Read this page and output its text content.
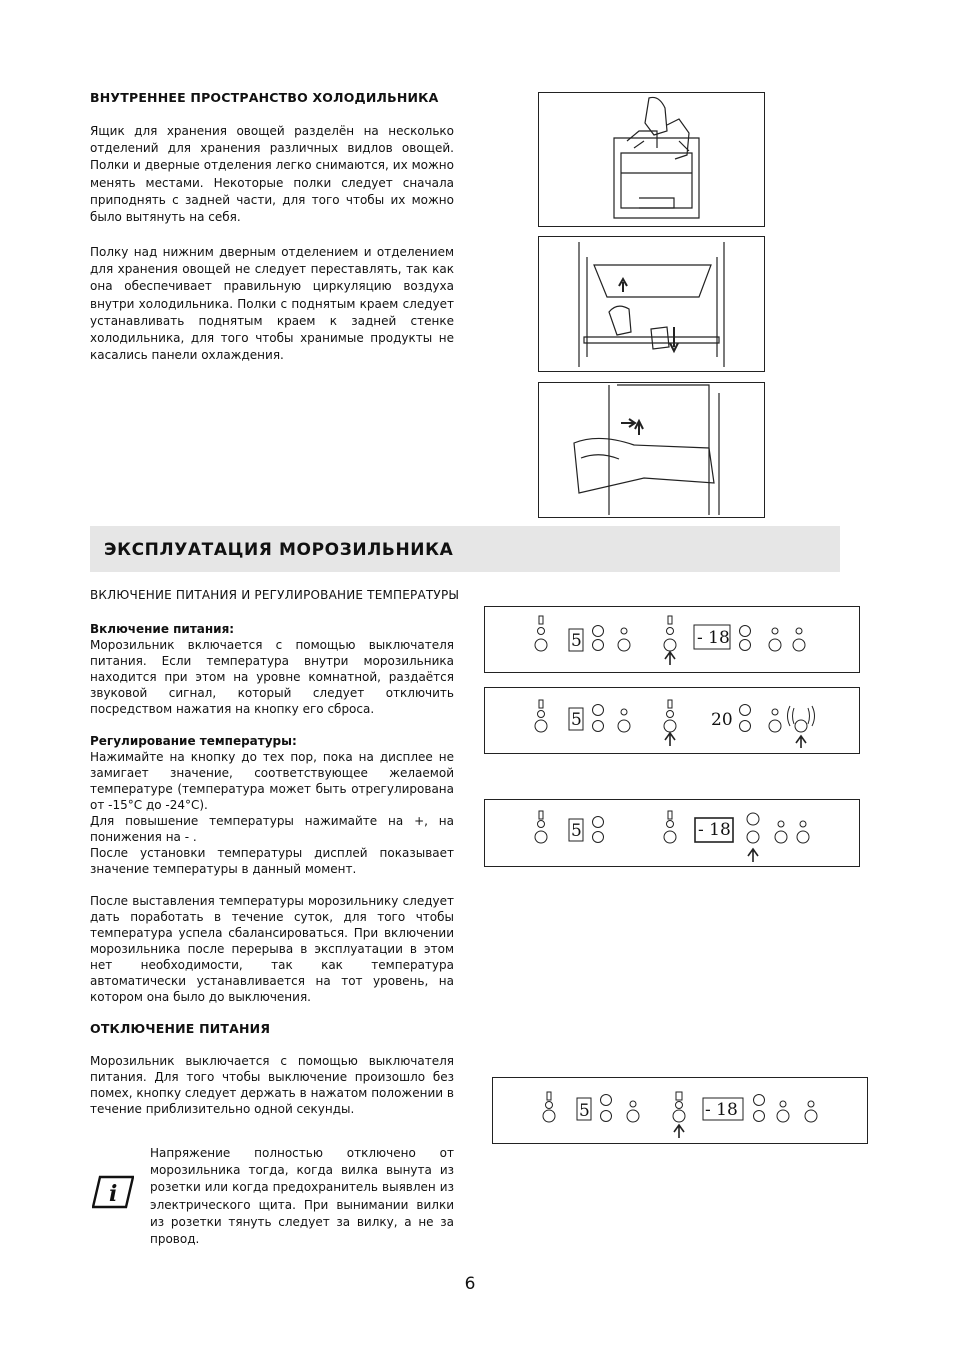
ВНУТРЕННЕЕ ПРОСТРАНСТВО ХОЛОДИЛЬНИКА

Ящик для хранения овощей разделён на несколько отделений для хранения различных видлов овощей. Полки и дверные отделения легко снимаются, их можно менять местами. Некоторые полки следует сначала приподнять с задней части, для того чтобы их можно было вытянуть на себя.

Полку над нижним дверным отделением и отделением для хранения овощей не следует переставлять, так как она обеспечивает правильную циркуляцию воздуха внутри холодильника. Полки с поднятым краем следует устанавливать поднятым краем к задней стенке холодильника, для того чтобы хранимые продукты не касались панели охлаждения.

ЭКСПЛУАТАЦИЯ МОРОЗИЛЬНИКА
ВКЛЮЧЕНИЕ ПИТАНИЯ И РЕГУЛИРОВАНИЕ ТЕМПЕРАТУРЫ

Включение питания:

Морозильник включается с помощью выключателя питания. Если температура внутри морозильника находится при этом на уровне комнатной, раздаётся звуковой сигнал, который следует отключить посредством нажатия на кнопку его сброса.

Регулирование температуры:

Нажимайте на кнопку до тех пор, пока на дисплее не замигает значение, соответствующее желаемой температуре (температура может быть отрегулирована от -15°С до -24°С).

Для повышение температуры нажимайте на +, на понижения на - .

После установки температуры дисплей показывает значение температуры в данный момент.

После выставления температуры морозильнику следует дать поработать в течение суток, для того чтобы температура успела сбалансироваться. При включении морозильника после перерыва в эксплуатации в этом нет необходимости, так как температура автоматически устанавливается на тот уровень, на котором она было до выключения.

ОТКЛЮЧЕНИЕ ПИТАНИЯ

Морозильник выключается с помощью выключателя питания. Для того чтобы выключение произошло без помех, кнопку следует держать в нажатом положении в течение приблизительно одной секунды.

i

Напряжение полностью отключено от морозильника тогда, когда вилка вынута из розетки или когда предохранитель выявлен из электрического щита. При вынимании вилки из розетки тянуть следует за вилку, а не за провод.

5	- 18
5	20
5	- 18
5	- 18
6
